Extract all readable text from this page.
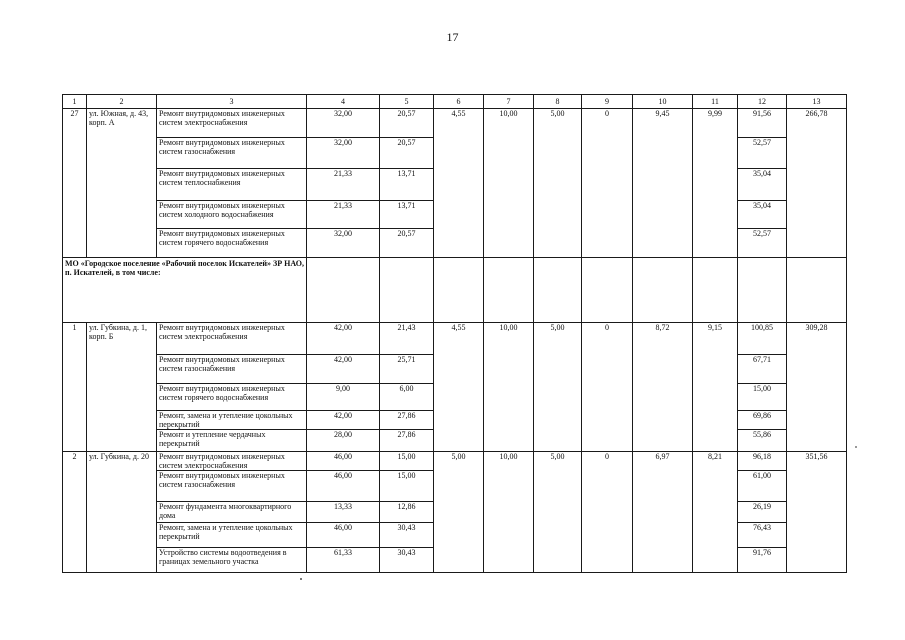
17
1	2	3	4	5	6	7	8	9	10	11	12	13
27	ул. Южная, д. 43, корп. А	Ремонт внутридомовых инженерных систем электроснабжения	32,00	20,57	4,55	10,00	5,00	0	9,45	9,99	91,56	266,78
		Ремонт внутридомовых инженерных систем газоснабжения	32,00	20,57							52,57	
		Ремонт внутридомовых инженерных систем теплоснабжения	21,33	13,71							35,04	
		Ремонт внутридомовых инженерных систем холодного водоснабжения	21,33	13,71							35,04	
		Ремонт внутридомовых инженерных систем горячего водоснабжения	32,00	20,57							52,57	
МО «Городское поселение «Рабочий поселок Искателей» ЗР НАО, п. Искателей, в том числе:												
1	ул. Губкина, д. 1, корп. Б	Ремонт внутридомовых инженерных систем электроснабжения	42,00	21,43	4,55	10,00	5,00	0	8,72	9,15	100,85	309,28
		Ремонт внутридомовых инженерных систем газоснабжения	42,00	25,71							67,71	
		Ремонт внутридомовых инженерных систем горячего водоснабжения	9,00	6,00							15,00	
		Ремонт, замена и утепление цокольных перекрытий	42,00	27,86							69,86	
		Ремонт и утепление чердачных перекрытий	28,00	27,86							55,86	
2	ул. Губкина, д. 20	Ремонт внутридомовых инженерных систем электроснабжения	46,00	15,00	5,00	10,00	5,00	0	6,97	8,21	96,18	351,56
		Ремонт внутридомовых инженерных систем газоснабжения	46,00	15,00							61,00	
		Ремонт фундамента многоквартирного дома	13,33	12,86							26,19	
		Ремонт, замена и утепление цокольных перекрытий	46,00	30,43							76,43	
		Устройство системы водоотведения в границах земельного участка	61,33	30,43							91,76	
